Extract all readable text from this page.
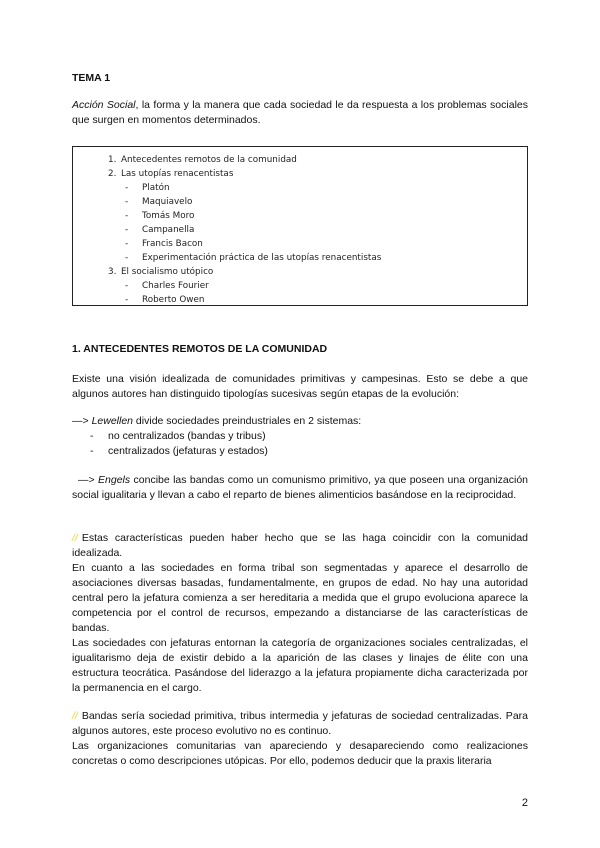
TEMA 1
Acción Social, la forma y la manera que cada sociedad le da respuesta a los problemas sociales que surgen en momentos determinados.
1. Antecedentes remotos de la comunidad
2. Las utopías renacentistas
- Platón
- Maquiavelo
- Tomás Moro
- Campanella
- Francis Bacon
- Experimentación práctica de las utopías renacentistas
3. El socialismo utópico
- Charles Fourier
- Roberto Owen
1. ANTECEDENTES REMOTOS DE LA COMUNIDAD
Existe una visión idealizada de comunidades primitivas y campesinas. Esto se debe a que algunos autores han distinguido tipologías sucesivas según etapas de la evolución:
—> Lewellen divide sociedades preindustriales en 2 sistemas:
- no centralizados (bandas y tribus)
- centralizados (jefaturas y estados)
—> Engels concibe las bandas como un comunismo primitivo, ya que poseen una organización social igualitaria y llevan a cabo el reparto de bienes alimenticios basándose en la reciprocidad.
// Estas características pueden haber hecho que se las haga coincidir con la comunidad idealizada.
En cuanto a las sociedades en forma tribal son segmentadas y aparece el desarrollo de asociaciones diversas basadas, fundamentalmente, en grupos de edad. No hay una autoridad central pero la jefatura comienza a ser hereditaria a medida que el grupo evoluciona aparece la competencia por el control de recursos, empezando a distanciarse de las características de bandas.
Las sociedades con jefaturas entornan la categoría de organizaciones sociales centralizadas, el igualitarismo deja de existir debido a la aparición de las clases y linajes de élite con una estructura teocrática. Pasándose del liderazgo a la jefatura propiamente dicha caracterizada por la permanencia en el cargo.
// Bandas sería sociedad primitiva, tribus intermedia y jefaturas de sociedad centralizadas. Para algunos autores, este proceso evolutivo no es continuo.
Las organizaciones comunitarias van apareciendo y desapareciendo como realizaciones concretas o como descripciones utópicas. Por ello, podemos deducir que la praxis literaria
2
